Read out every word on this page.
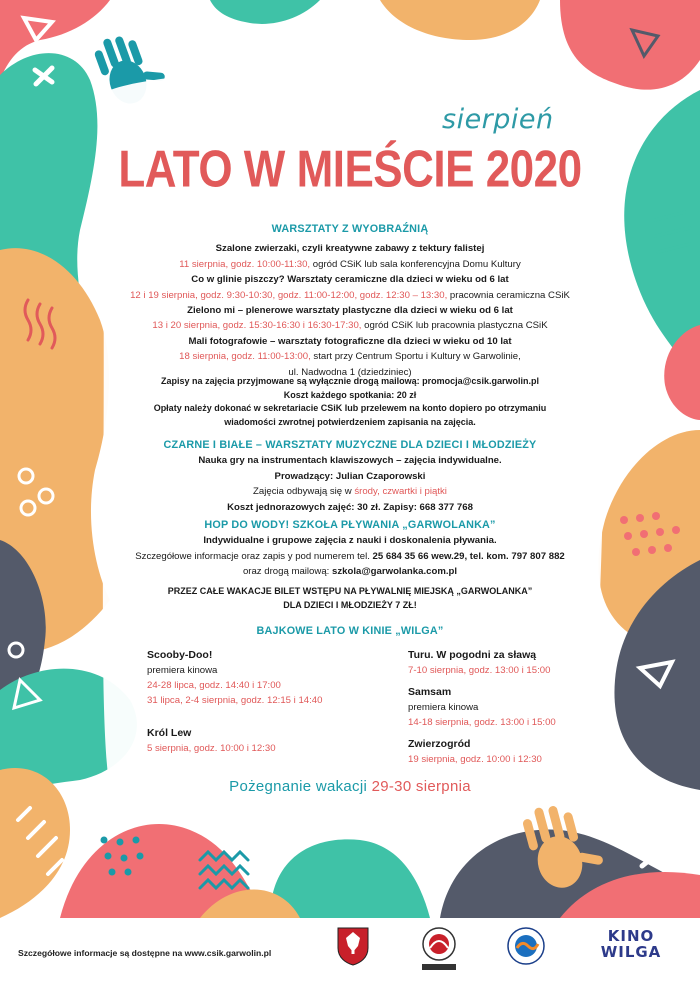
sierpień
LATO W MIEŚCIE 2020
WARSZTATY Z WYOBRAŹNIĄ
Szalone zwierzaki, czyli kreatywne zabawy z tektury falistej
11 sierpnia, godz. 10:00-11:30, ogród CSiK lub sala konferencyjna Domu Kultury
Co w glinie piszczy? Warsztaty ceramiczne dla dzieci w wieku od 6 lat
12 i 19 sierpnia, godz. 9:30-10:30, godz. 11:00-12:00, godz. 12:30 – 13:30, pracownia ceramiczna CSiK
Zielono mi – plenerowe warsztaty plastyczne dla dzieci w wieku od 6 lat
13 i 20 sierpnia, godz. 15:30-16:30 i 16:30-17:30, ogród CSiK lub pracownia plastyczna CSiK
Mali fotografowie – warsztaty fotograficzne dla dzieci w wieku od 10 lat
18 sierpnia, godz. 11:00-13:00, start przy Centrum Sportu i Kultury w Garwolinie,
ul. Nadwodna 1 (dziedziniec)
Zapisy na zajęcia przyjmowane są wyłącznie drogą mailową: promocja@csik.garwolin.pl
Koszt każdego spotkania: 20 zł
Opłaty należy dokonać w sekretariacie CSiK lub przelewem na konto dopiero po otrzymaniu
wiadomości zwrotnej potwierdzeniem zapisania na zajęcia.
CZARNE I BIAŁE – WARSZTATY MUZYCZNE DLA DZIECI I MŁODZIEŻY
Nauka gry na instrumentach klawiszowych – zajęcia indywidualne.
Prowadzący: Julian Czaporowski
Zajęcia odbywają się w środy, czwartki i piątki
Koszt jednorazowych zajęć: 30 zł. Zapisy: 668 377 768
HOP DO WODY! SZKOŁA PŁYWANIA „GARWOLANKA”
Indywidualne i grupowe zajęcia z nauki i doskonalenia pływania.
Szczegółowe informacje oraz zapis y pod numerem tel. 25 684 35 66 wew.29, tel. kom. 797 807 882
oraz drogą mailową: szkola@garwolanka.com.pl
PRZEZ CAŁE WAKACJE BILET WSTĘPU NA PŁYWALNIĘ MIEJSKĄ „GARWOLANKA”
DLA DZIECI I MŁODZIEŻY 7 ZŁ!
BAJKOWE LATO W KINIE „WILGA”
Scooby-Doo!
premiera kinowa
24-28 lipca, godz. 14:40 i 17:00
31 lipca, 2-4 sierpnia, godz. 12:15 i 14:40
Król Lew
5 sierpnia, godz. 10:00 i 12:30
Turu. W pogodni za sławą
7-10 sierpnia, godz. 13:00 i 15:00
Samsam
premiera kinowa
14-18 sierpnia, godz. 13:00 i 15:00
Zwierzogród
19 sierpnia, godz. 10:00 i 12:30
Pożegnanie wakacji 29-30 sierpnia
Szczegółowe informacje są dostępne na www.csik.garwolin.pl
KINO
WILGA
